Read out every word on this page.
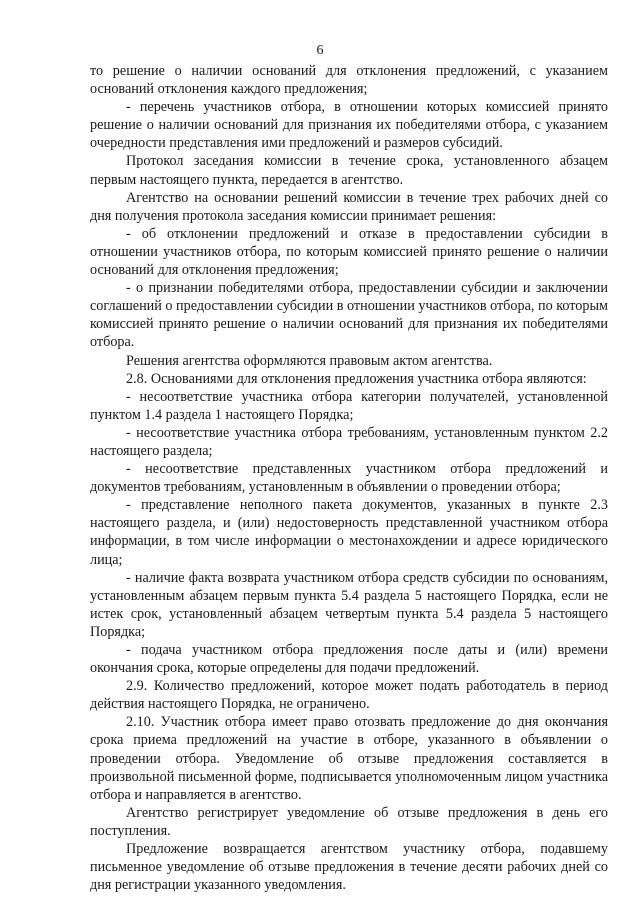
6

то решение о наличии оснований для отклонения предложений, с указанием оснований отклонения каждого предложения;

- перечень участников отбора, в отношении которых комиссией принято решение о наличии оснований для признания их победителями отбора, с указанием очередности представления ими предложений и размеров субсидий.

Протокол заседания комиссии в течение срока, установленного абзацем первым настоящего пункта, передается в агентство.

Агентство на основании решений комиссии в течение трех рабочих дней со дня получения протокола заседания комиссии принимает решения:

- об отклонении предложений и отказе в предоставлении субсидии в отношении участников отбора, по которым комиссией принято решение о наличии оснований для отклонения предложения;

- о признании победителями отбора, предоставлении субсидии и заключении соглашений о предоставлении субсидии в отношении участников отбора, по которым комиссией принято решение о наличии оснований для признания их победителями отбора.

Решения агентства оформляются правовым актом агентства.

2.8. Основаниями для отклонения предложения участника отбора являются:

- несоответствие участника отбора категории получателей, установленной пунктом 1.4 раздела 1 настоящего Порядка;

- несоответствие участника отбора требованиям, установленным пунктом 2.2 настоящего раздела;

- несоответствие представленных участником отбора предложений и документов требованиям, установленным в объявлении о проведении отбора;

- представление неполного пакета документов, указанных в пункте 2.3 настоящего раздела, и (или) недостоверность представленной участником отбора информации, в том числе информации о местонахождении и адресе юридического лица;

- наличие факта возврата участником отбора средств субсидии по основаниям, установленным абзацем первым пункта 5.4 раздела 5 настоящего Порядка, если не истек срок, установленный абзацем четвертым пункта 5.4 раздела 5 настоящего Порядка;

- подача участником отбора предложения после даты и (или) времени окончания срока, которые определены для подачи предложений.

2.9. Количество предложений, которое может подать работодатель в период действия настоящего Порядка, не ограничено.

2.10. Участник отбора имеет право отозвать предложение до дня окончания срока приема предложений на участие в отборе, указанного в объявлении о проведении отбора. Уведомление об отзыве предложения составляется в произвольной письменной форме, подписывается уполномоченным лицом участника отбора и направляется в агентство.

Агентство регистрирует уведомление об отзыве предложения в день его поступления.

Предложение возвращается агентством участнику отбора, подавшему письменное уведомление об отзыве предложения в течение десяти рабочих дней со дня регистрации указанного уведомления.
